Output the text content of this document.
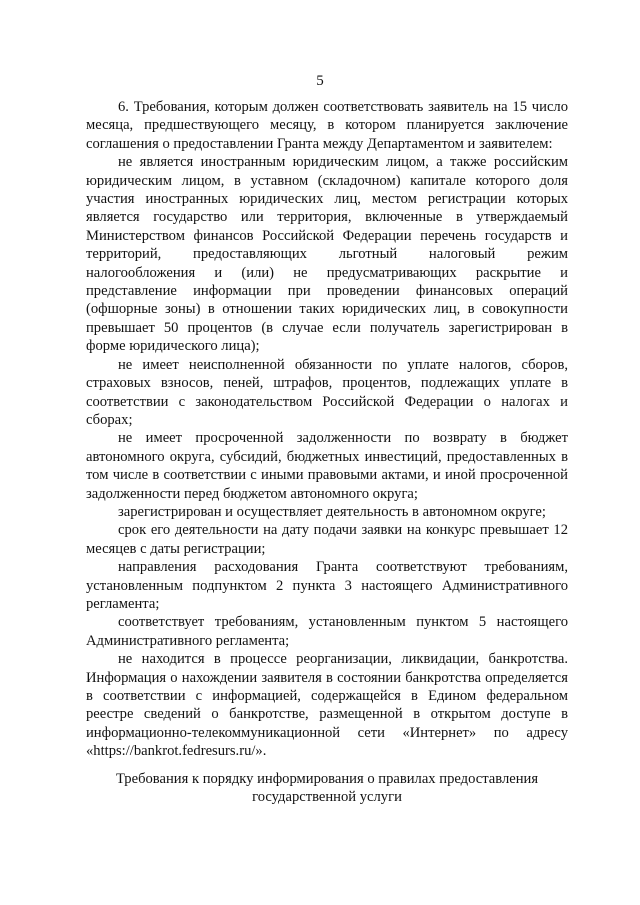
5

6. Требования, которым должен соответствовать заявитель на 15 число месяца, предшествующего месяцу, в котором планируется заключение соглашения о предоставлении Гранта между Департаментом и заявителем:

не является иностранным юридическим лицом, а также российским юридическим лицом, в уставном (складочном) капитале которого доля участия иностранных юридических лиц, местом регистрации которых является государство или территория, включенные в утверждаемый Министерством финансов Российской Федерации перечень государств и территорий, предоставляющих льготный налоговый режим налогообложения и (или) не предусматривающих раскрытие и представление информации при проведении финансовых операций (офшорные зоны) в отношении таких юридических лиц, в совокупности превышает 50 процентов (в случае если получатель зарегистрирован в форме юридического лица);

не имеет неисполненной обязанности по уплате налогов, сборов, страховых взносов, пеней, штрафов, процентов, подлежащих уплате в соответствии с законодательством Российской Федерации о налогах и сборах;

не имеет просроченной задолженности по возврату в бюджет автономного округа, субсидий, бюджетных инвестиций, предоставленных в том числе в соответствии с иными правовыми актами, и иной просроченной задолженности перед бюджетом автономного округа;

зарегистрирован и осуществляет деятельность в автономном округе;

срок его деятельности на дату подачи заявки на конкурс превышает 12 месяцев с даты регистрации;

направления расходования Гранта соответствуют требованиям, установленным подпунктом 2 пункта 3 настоящего Административного регламента;

соответствует требованиям, установленным пунктом 5 настоящего Административного регламента;

не находится в процессе реорганизации, ликвидации, банкротства. Информация о нахождении заявителя в состоянии банкротства определяется в соответствии с информацией, содержащейся в Едином федеральном реестре сведений о банкротстве, размещенной в открытом доступе в информационно-телекоммуникационной сети «Интернет» по адресу «https://bankrot.fedresurs.ru/».

Требования к порядку информирования о правилах предоставления государственной услуги
